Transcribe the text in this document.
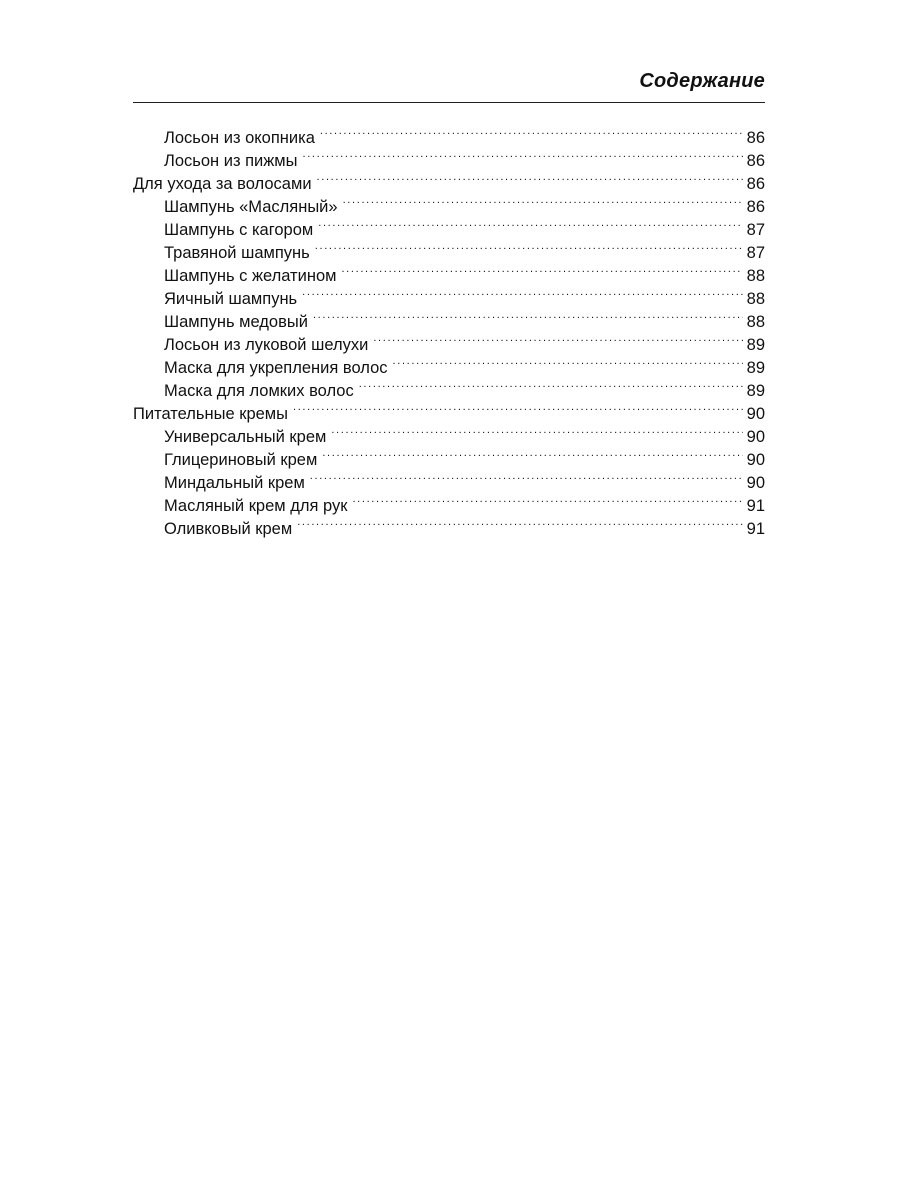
Содержание
Лосьон из окопника . . .	86
Лосьон из пижмы . . .	86
Для ухода за волосами . . .	86
Шампунь «Масляный» . . .	86
Шампунь с кагором . . .	87
Травяной шампунь . . .	87
Шампунь с желатином . . .	88
Яичный шампунь . . .	88
Шампунь медовый . . .	88
Лосьон из луковой шелухи . . .	89
Маска для укрепления волос . . .	89
Маска для ломких волос . . .	89
Питательные кремы . . .	90
Универсальный крем . . .	90
Глицериновый крем . . .	90
Миндальный крем . . .	90
Масляный крем для рук . . .	91
Оливковый крем . . .	91
